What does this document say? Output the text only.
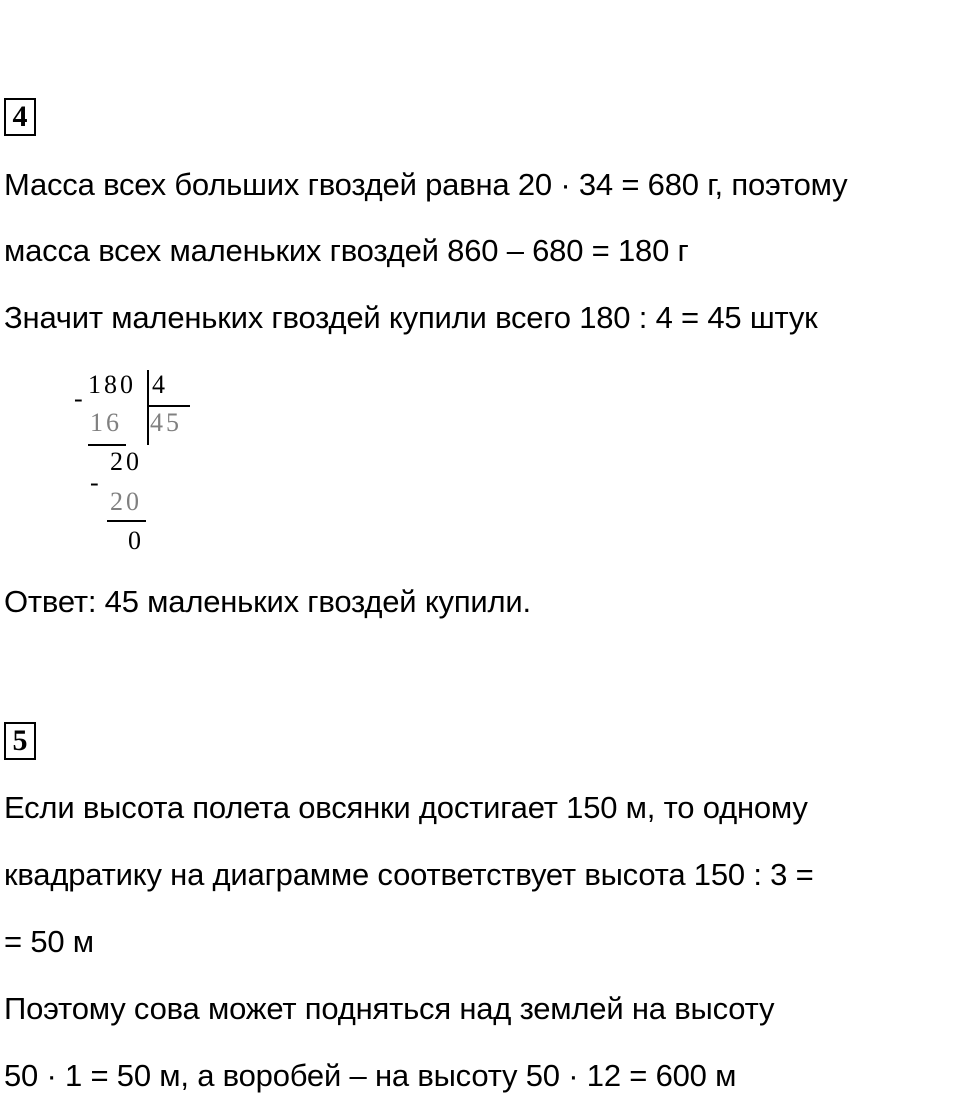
4
Масса всех больших гвоздей равна 20 · 34 = 680 г, поэтому
масса всех маленьких гвоздей 860 – 680 = 180 г
Значит маленьких гвоздей купили всего 180 : 4 = 45 штук
- 180 4
16 45
20
-
20
0
Ответ: 45 маленьких гвоздей купили.
5
Если высота полета овсянки достигает 150 м, то одному
квадратику на диаграмме соответствует высота 150 : 3 =
= 50 м
Поэтому сова может подняться над землей на высоту
50 · 1 = 50 м, а воробей – на высоту 50 · 12 = 600 м
